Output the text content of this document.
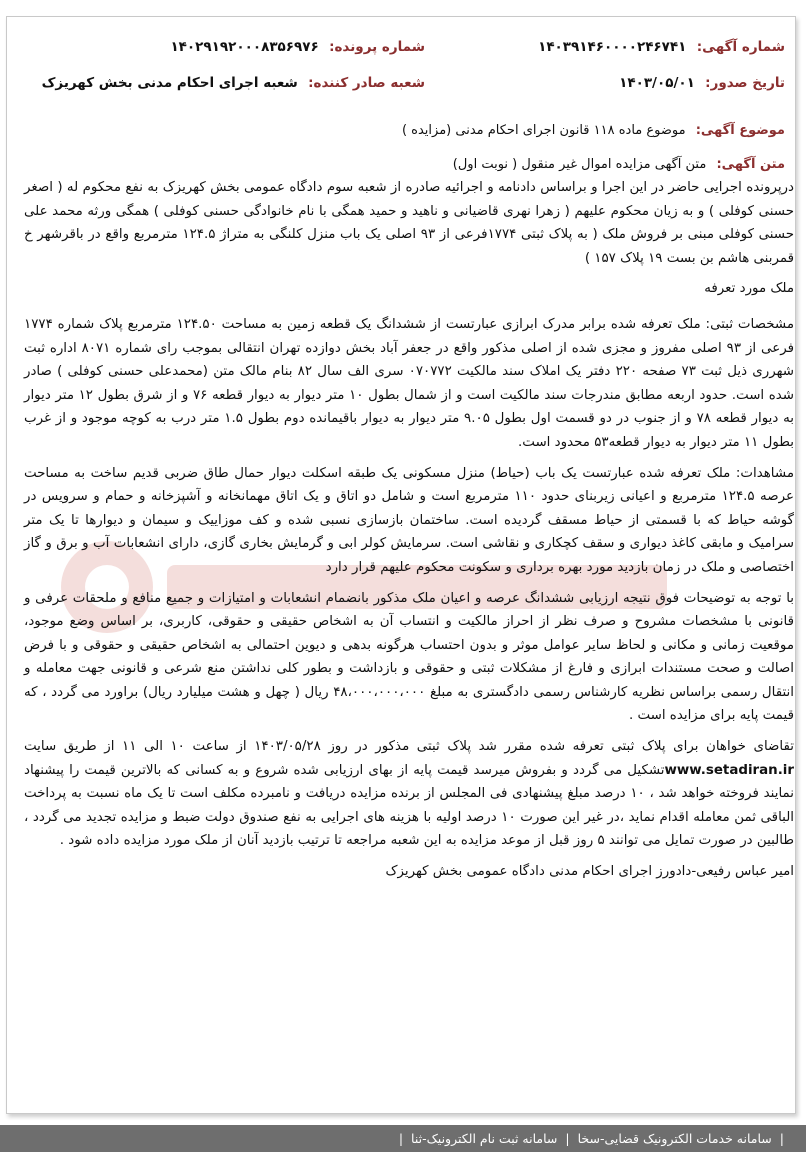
شماره آگهی: ۱۴۰۳۹۱۴۶۰۰۰۰۲۴۶۷۴۱
شماره پرونده: ۱۴۰۲۹۱۹۲۰۰۰۸۳۵۶۹۷۶
تاریخ صدور: ۱۴۰۳/۰۵/۰۱
شعبه صادر کننده: شعبه اجرای احکام مدنی بخش کهریزک
موضوع آگهی: موضوع ماده ۱۱۸ قانون اجرای احکام مدنی (مزایده )
متن آگهی: متن آگهی مزایده اموال غیر منقول ( نوبت اول)

درپرونده اجرایی حاضر در این اجرا و براساس دادنامه و اجرائیه صادره از شعبه سوم دادگاه عمومی بخش کهریزک به نفع محکوم له ( اصغر حسنی کوفلی ) و به زیان محکوم علیهم ( زهرا نهری قاضیانی و ناهید و حمید همگی با نام خانوادگی حسنی کوفلی ) همگی ورثه محمد علی حسنی کوفلی مبنی بر فروش ملک ( به پلاک ثبتی ۱۷۷۴فرعی از ۹۳ اصلی یک باب منزل کلنگی به متراژ ۱۲۴.۵ مترمربع واقع در باقرشهر خ قمربنی هاشم بن بست ۱۹ پلاک ۱۵۷ )

ملک مورد تعرفه

مشخصات ثبتی: ملک تعرفه شده برابر مدرک ابرازی عبارتست از ششدانگ یک قطعه زمین به مساحت ۱۲۴.۵۰ مترمربع پلاک شماره ۱۷۷۴ فرعی از ۹۳ اصلی مفروز و مجزی شده از اصلی مذکور واقع در جعفر آباد بخش دوازده تهران انتقالی بموجب رای شماره ۸۰۷۱ اداره ثبت شهرری ذیل ثبت ۷۳ صفحه ۲۲۰ دفتر یک املاک سند مالکیت ۰۷۰۷۷۲ سری الف سال ۸۲ بنام مالک متن (محمدعلی حسنی کوفلی ) صادر شده است. حدود اربعه مطابق مندرجات سند مالکیت است و از شمال بطول ۱۰ متر دیوار به دیوار قطعه ۷۶ و از شرق بطول ۱۲ متر دیوار به دیوار قطعه ۷۸ و از جنوب در دو قسمت اول بطول ۹.۰۵ متر دیوار به دیوار باقیمانده دوم بطول ۱.۵ متر درب به کوچه موجود و از غرب بطول ۱۱ متر دیوار به دیوار قطعه۵۳ محدود است.

مشاهدات: ملک تعرفه شده عبارتست یک باب (حیاط) منزل مسکونی یک طبقه اسکلت دیوار حمال طاق ضربی قدیم ساخت به مساحت عرصه ۱۲۴.۵ مترمربع و اعیانی زیربنای حدود ۱۱۰ مترمربع است و شامل دو اتاق و یک اتاق مهمانخانه و آشپزخانه و حمام و سرویس در گوشه حیاط که با قسمتی از حیاط مسقف گردیده است. ساختمان بازسازی نسبی شده و کف موزاییک و سیمان و دیوارها تا یک متر سرامیک و مابقی کاغذ دیواری و سقف کچکاری و نقاشی است. سرمایش کولر ابی و گرمایش بخاری گازی، دارای انشعابات آب و برق و گاز اختصاصی و ملک در زمان بازدید مورد بهره برداری و سکونت محکوم علیهم قرار دارد

با توجه به توضیحات فوق نتیجه ارزیابی ششدانگ عرصه و اعیان ملک مذکور بانضمام انشعابات و امتیازات و جمیع منافع و ملحقات عرفی و قانونی با مشخصات مشروح و صرف نظر از احراز مالکیت و انتساب آن به اشخاص حقیقی و حقوقی، کاربری، بر اساس وضع موجود، موقعیت زمانی و مکانی و لحاظ سایر عوامل موثر و بدون احتساب هرگونه بدهی و دیوین احتمالی به اشخاص حقیقی و حقوقی و با فرض اصالت و صحت مستندات ابرازی و فارغ از مشکلات ثبتی و حقوقی و بازداشت و بطور کلی نداشتن منع شرعی و قانونی جهت معامله و انتقال رسمی براساس نظریه کارشناس رسمی دادگستری به مبلغ ۴۸،۰۰۰،۰۰۰،۰۰۰ ریال ( چهل و هشت میلیارد ریال) براورد می گردد ، که قیمت پایه برای مزایده است .

تقاضای خواهان برای پلاک ثبتی تعرفه شده مقرر شد پلاک ثبتی مذکور در روز ۱۴۰۳/۰۵/۲۸ از ساعت ۱۰ الی ۱۱ از طریق سایت www.setadiran.irتشکیل می گردد و بفروش میرسد قیمت پایه از بهای ارزیابی شده شروع و به کسانی که بالاترین قیمت را پیشنهاد نمایند فروخته خواهد شد ، ۱۰ درصد مبلغ پیشنهادی فی المجلس از برنده مزایده دریافت و نامبرده مکلف است تا یک ماه نسبت به پرداخت الباقی ثمن معامله اقدام نماید ،در غیر این صورت ۱۰ درصد اولیه با هزینه های اجرایی به نفع صندوق دولت ضبط و مزایده تجدید می گردد ، طالبین در صورت تمایل می توانند ۵ روز قبل از موعد مزایده به این شعبه مراجعه تا ترتیب بازدید آنان از ملک مورد مزایده داده شود .

امیر عباس رفیعی-دادورز اجرای احکام مدنی دادگاه عمومی بخش کهریزک

|
سامانه خدمات الکترونیک قضایی-سخا
|
سامانه ثبت نام الکترونیک-ثنا
|
